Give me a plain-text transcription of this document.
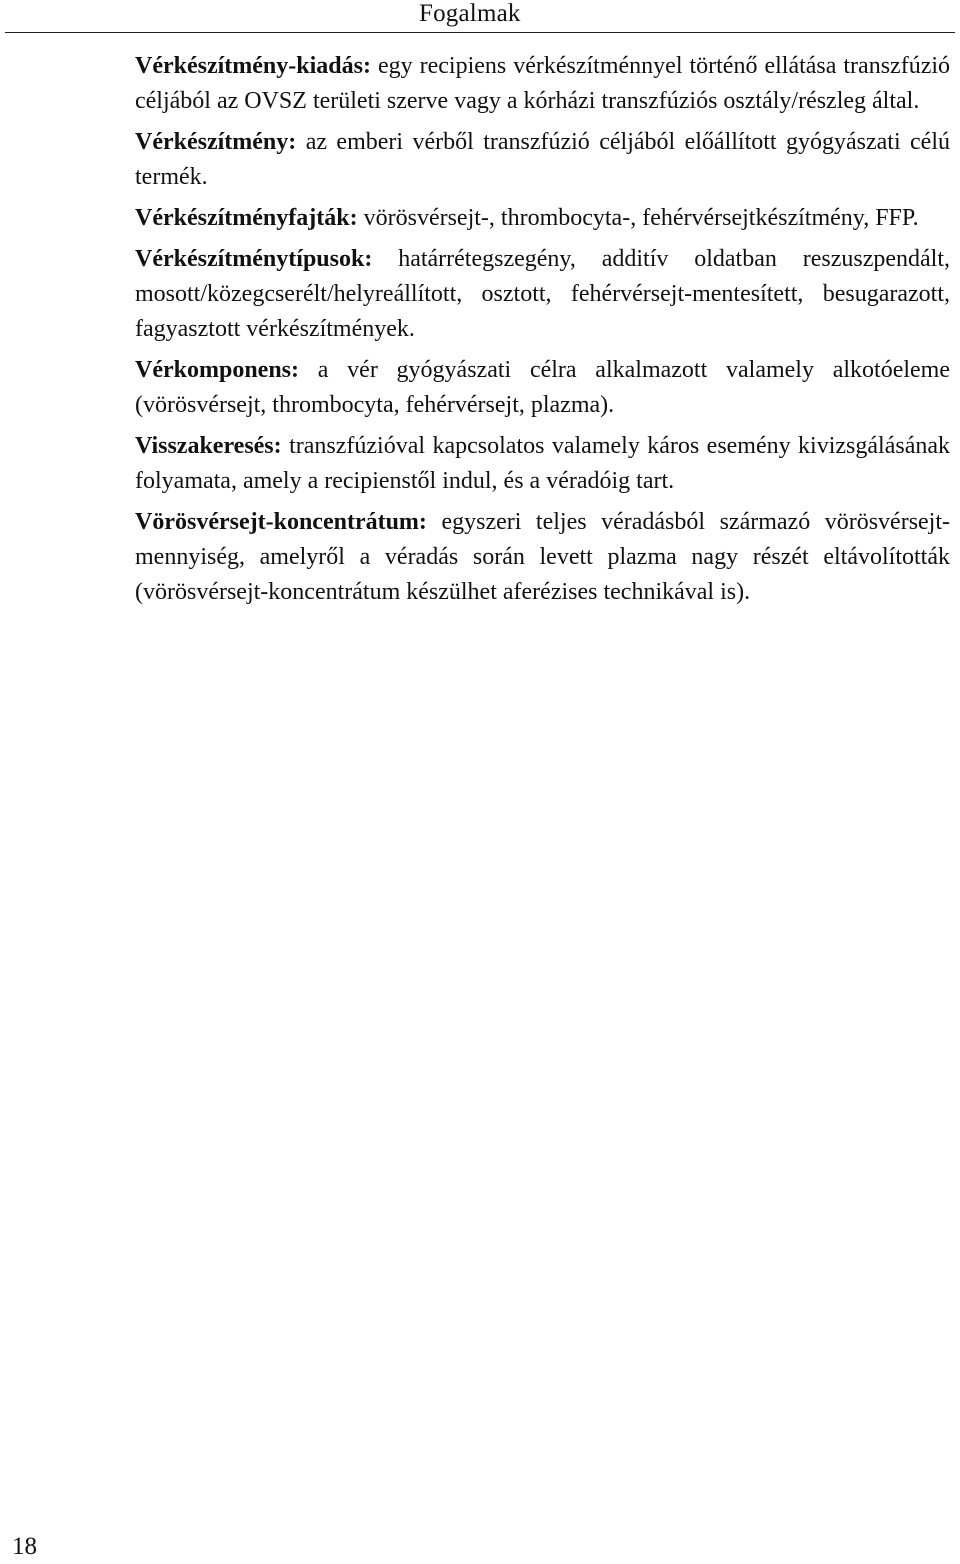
Fogalmak

Vérkészítmény-kiadás: egy recipiens vérkészítménnyel történő ellátása transzfúzió céljából az OVSZ területi szerve vagy a kórházi transzfúziós osztály/részleg által.

Vérkészítmény: az emberi vérből transzfúzió céljából előállított gyógyászati célú termék.

Vérkészítményfajták: vörösvérsejt-, thrombocyta-, fehérvérsejtkészítmény, FFP.

Vérkészítménytípusok: határrétegszegény, additív oldatban reszuszpendált, mosott/közegcserélt/helyreállított, osztott, fehérvérsejt-mentesített, besugarazott, fagyasztott vérkészítmények.

Vérkomponens: a vér gyógyászati célra alkalmazott valamely alkotóeleme (vörösvérsejt, thrombocyta, fehérvérsejt, plazma).

Visszakeresés: transzfúzióval kapcsolatos valamely káros esemény kivizsgálásának folyamata, amely a recipienstől indul, és a véradóig tart.

Vörösvérsejt-koncentrátum: egyszeri teljes véradásból származó vörösvérsejt-mennyiség, amelyről a véradás során levett plazma nagy részét eltávolították (vörösvérsejt-koncentrátum készülhet aferézises technikával is).

18
